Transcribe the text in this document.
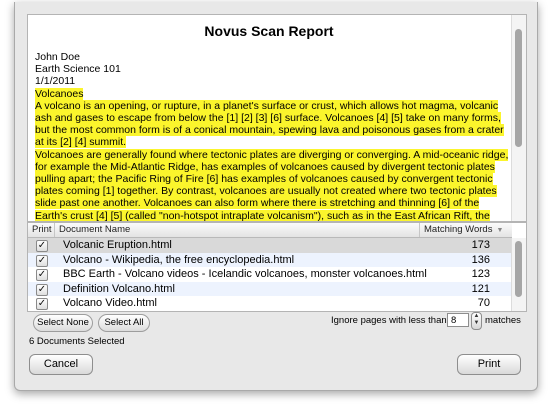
Novus Scan Report
John Doe
Earth Science 101
1/1/2011
Volcanoes
A volcano is an opening, or rupture, in a planet's surface or crust, which allows hot magma, volcanic ash and gases to escape from below the [1] [2] [3] [6] surface. Volcanoes [4] [5] take on many forms, but the most common form is of a conical mountain, spewing lava and poisonous gases from a crater at its [2] [4] summit.
Volcanoes are generally found where tectonic plates are diverging or converging. A mid-oceanic ridge, for example the Mid-Atlantic Ridge, has examples of volcanoes caused by divergent tectonic plates pulling apart; the Pacific Ring of Fire [6] has examples of volcanoes caused by convergent tectonic plates coming [1] together. By contrast, volcanoes are usually not created where two tectonic plates slide past one another. Volcanoes can also form where there is stretching and thinning [6] of the Earth's crust [4] [5] (called "non-hotspot intraplate volcanism"), such as in the East African Rift, the
Print Document Name	Matching Words ▼
✓ Volcanic Eruption.html	173
✓ Volcano - Wikipedia, the free encyclopedia.html	136
✓ BBC Earth - Volcano videos - Icelandic volcanoes, monster volcanoes.html	123
✓ Definition Volcano.html	121
✓ Volcano Video.html	70
Select None	Select All	Ignore pages with less than 8	▲
▼ matches
6 Documents Selected
Cancel	Print
